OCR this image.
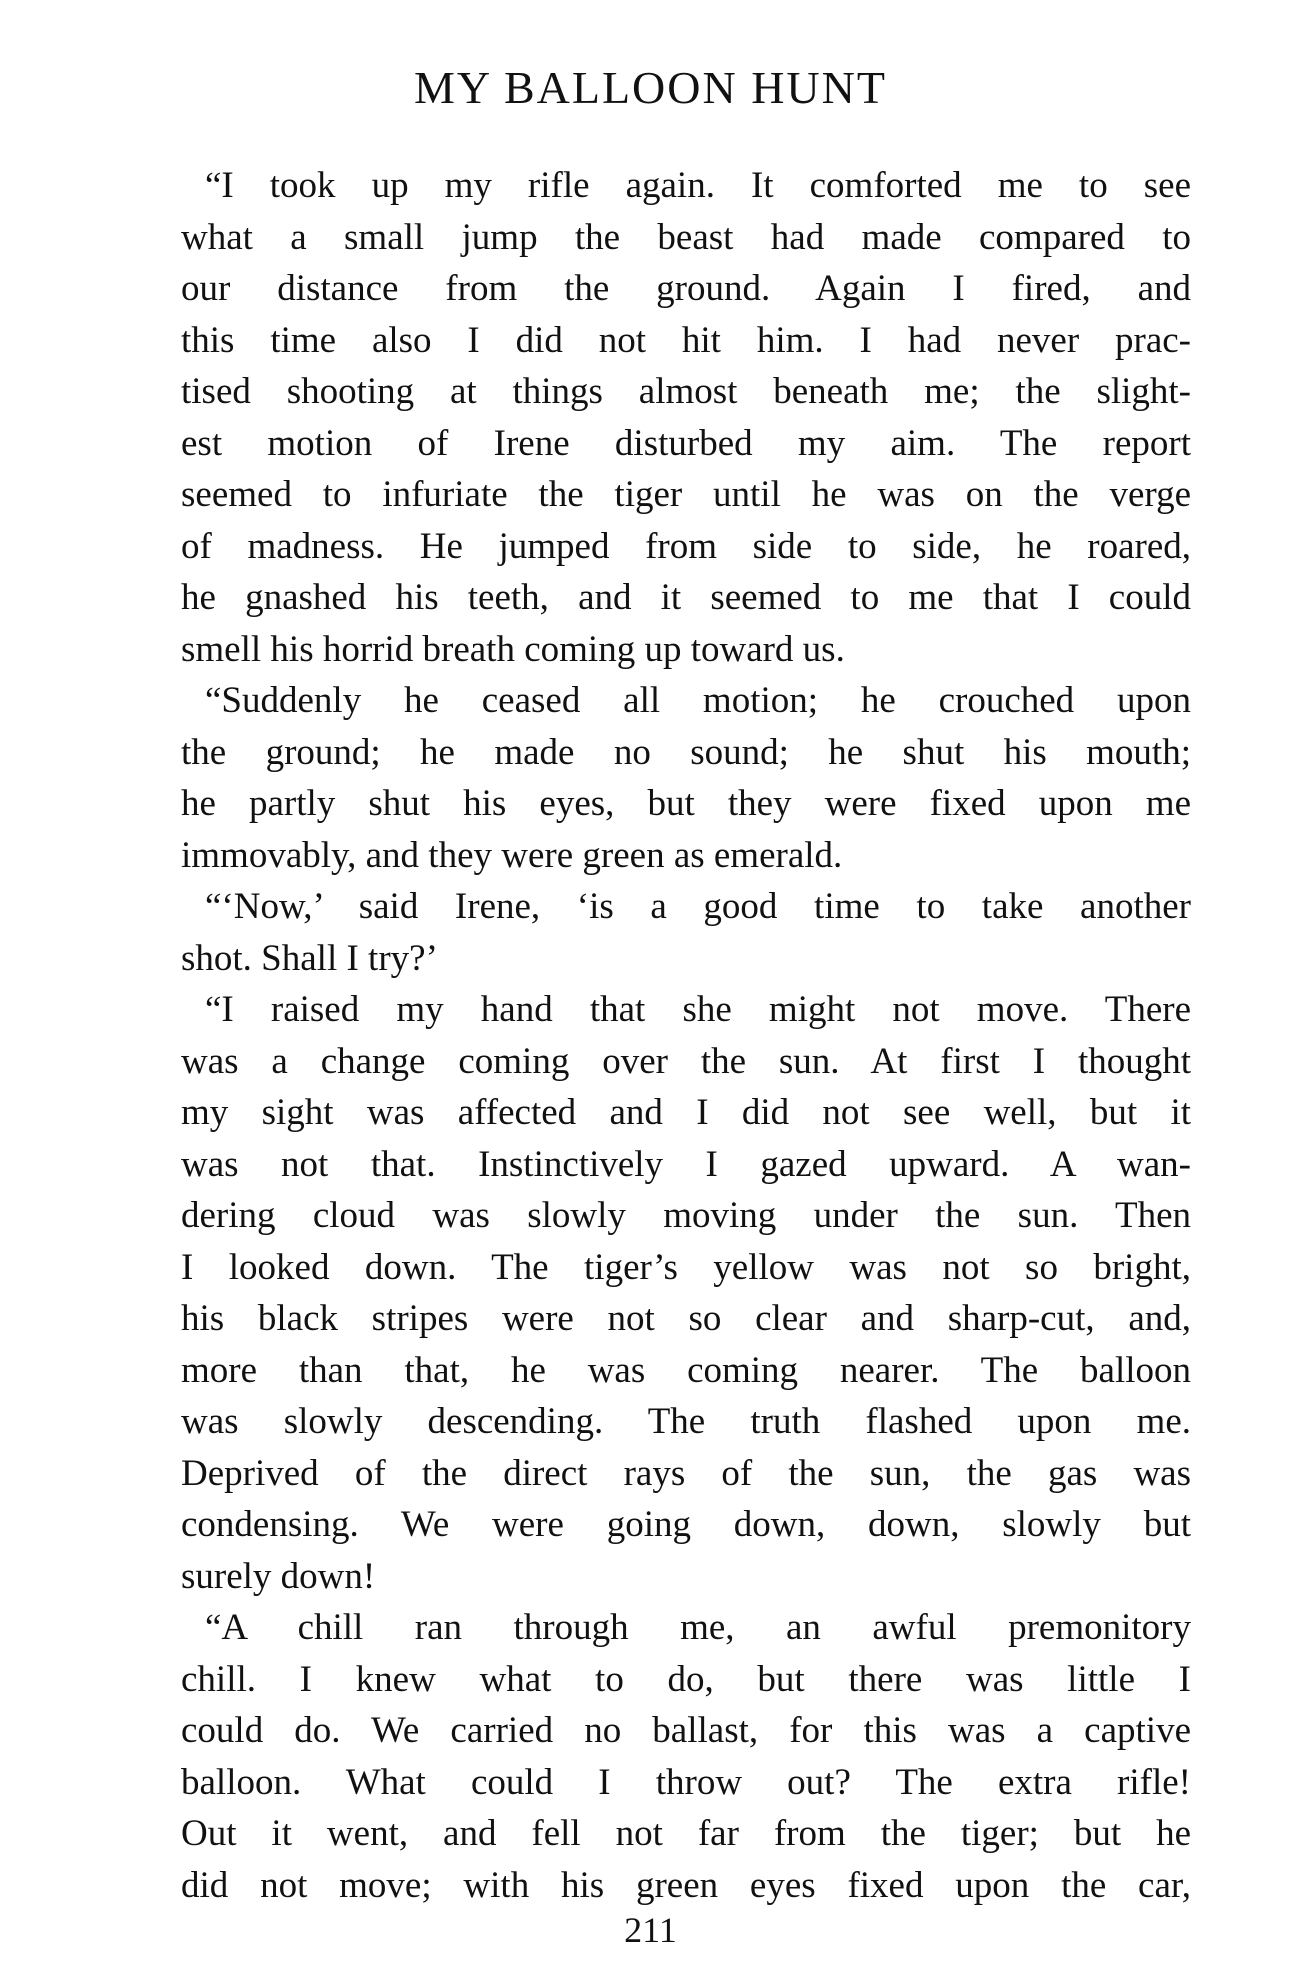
MY BALLOON HUNT

“I took up my rifle again. It comforted me to see
what a small jump the beast had made compared to
our distance from the ground. Again I fired, and
this time also I did not hit him. I had never prac-
tised shooting at things almost beneath me; the slight-
est motion of Irene disturbed my aim. The report
seemed to infuriate the tiger until he was on the verge
of madness. He jumped from side to side, he roared,
he gnashed his teeth, and it seemed to me that I could
smell his horrid breath coming up toward us.

“Suddenly he ceased all motion; he crouched upon
the ground; he made no sound; he shut his mouth;
he partly shut his eyes, but they were fixed upon me
immovably, and they were green as emerald.

“‘Now,’ said Irene, ‘is a good time to take another
shot. Shall I try?’

“I raised my hand that she might not move. There
was a change coming over the sun. At first I thought
my sight was affected and I did not see well, but it
was not that. Instinctively I gazed upward. A wan-
dering cloud was slowly moving under the sun. Then
I looked down. The tiger’s yellow was not so bright,
his black stripes were not so clear and sharp-cut, and,
more than that, he was coming nearer. The balloon
was slowly descending. The truth flashed upon me.
Deprived of the direct rays of the sun, the gas was
condensing. We were going down, down, slowly but
surely down!

“A chill ran through me, an awful premonitory
chill. I knew what to do, but there was little I
could do. We carried no ballast, for this was a captive
balloon. What could I throw out? The extra rifle!
Out it went, and fell not far from the tiger; but he
did not move; with his green eyes fixed upon the car,

211
